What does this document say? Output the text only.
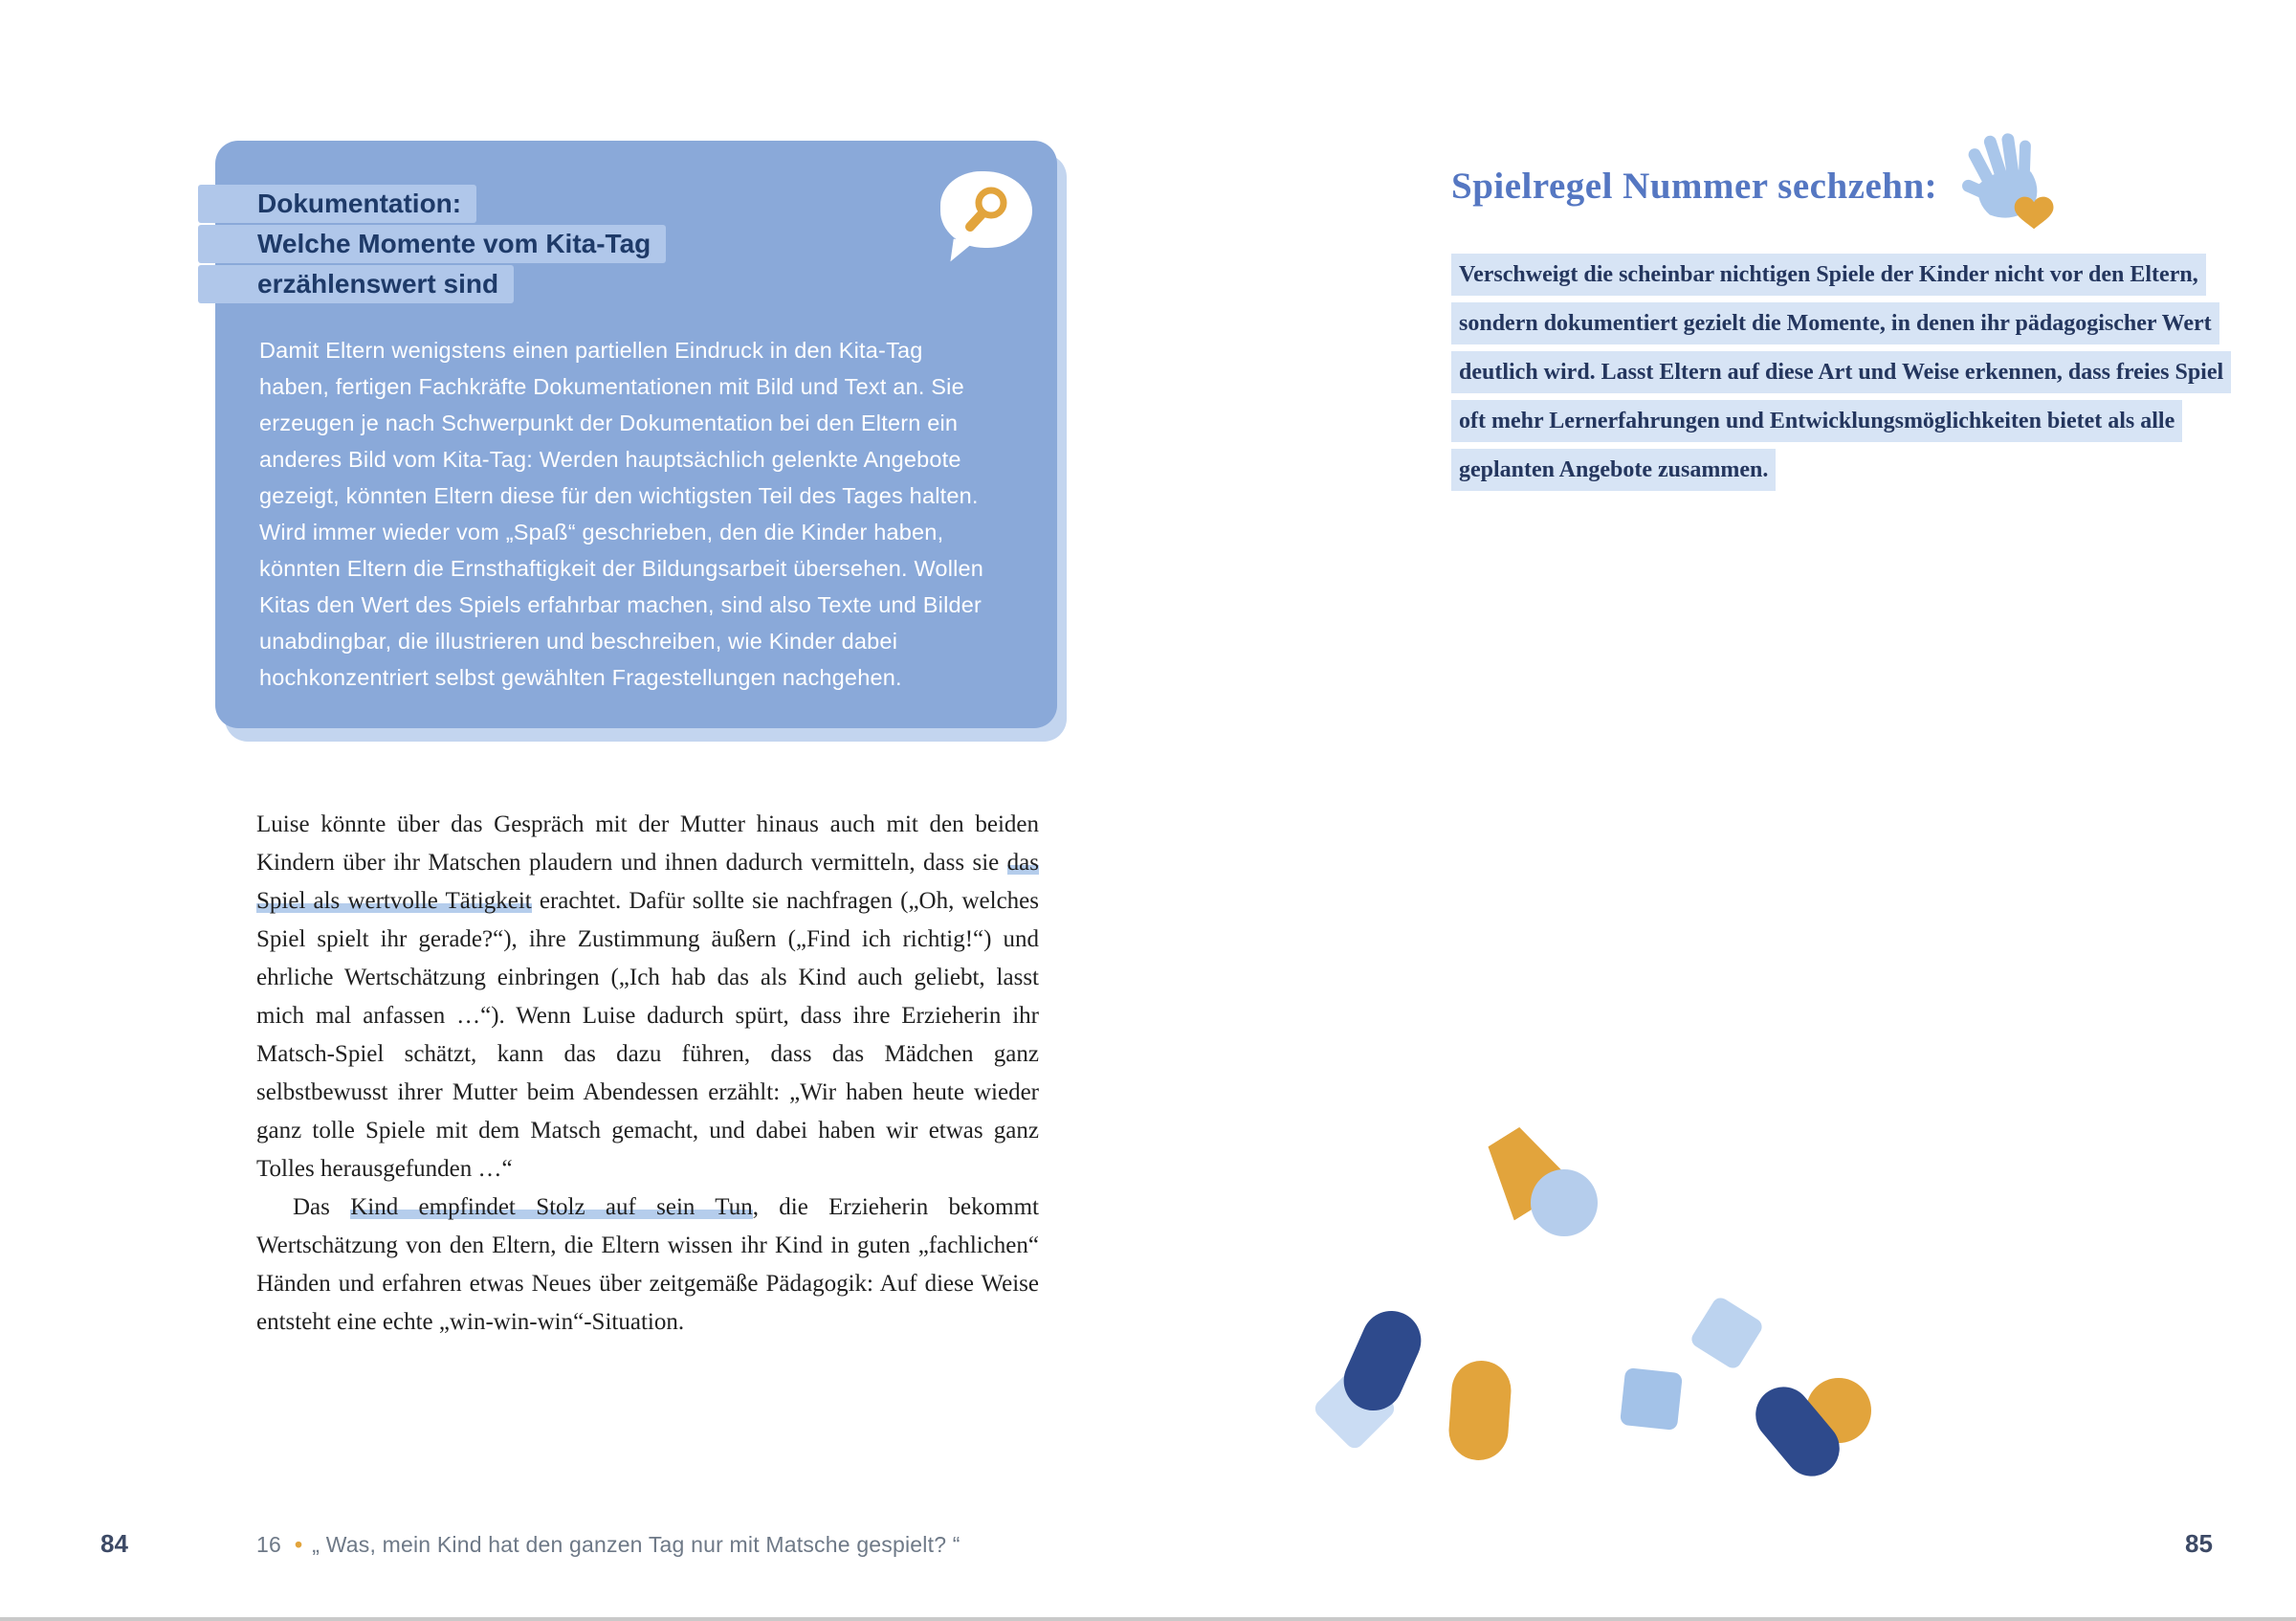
Dokumentation:
Welche Momente vom Kita-Tag
erzählenswert sind

Damit Eltern wenigstens einen partiellen Eindruck in den Kita-Tag haben, fertigen Fachkräfte Dokumentationen mit Bild und Text an. Sie erzeugen je nach Schwerpunkt der Dokumentation bei den Eltern ein anderes Bild vom Kita-Tag: Werden hauptsächlich gelenkte Angebote gezeigt, könnten Eltern diese für den wichtigsten Teil des Tages halten. Wird immer wieder vom „Spaß“ geschrieben, den die Kinder haben, könnten Eltern die Ernsthaftigkeit der Bildungsarbeit übersehen. Wollen Kitas den Wert des Spiels erfahrbar machen, sind also Texte und Bilder unabdingbar, die illustrieren und beschreiben, wie Kinder dabei hochkonzentriert selbst gewählten Fragestellungen nachgehen.

Luise könnte über das Gespräch mit der Mutter hinaus auch mit den beiden Kindern über ihr Matschen plaudern und ihnen dadurch vermitteln, dass sie das Spiel als wertvolle Tätigkeit erachtet. Dafür sollte sie nachfragen („Oh, welches Spiel spielt ihr gerade?“), ihre Zustimmung äußern („Find ich richtig!“) und ehrliche Wertschätzung einbringen („Ich hab das als Kind auch geliebt, lasst mich mal anfassen …“). Wenn Luise dadurch spürt, dass ihre Erzieherin ihr Matsch-Spiel schätzt, kann das dazu führen, dass das Mädchen ganz selbstbewusst ihrer Mutter beim Abendessen erzählt: „Wir haben heute wieder ganz tolle Spiele mit dem Matsch gemacht, und dabei haben wir etwas ganz Tolles herausgefunden …“

Das Kind empfindet Stolz auf sein Tun, die Erzieherin bekommt Wertschätzung von den Eltern, die Eltern wissen ihr Kind in guten „fachlichen“ Händen und erfahren etwas Neues über zeitgemäße Pädagogik: Auf diese Weise entsteht eine echte „win-win-win“-Situation.

84	16 • „ Was, mein Kind hat den ganzen Tag nur mit Matsche gespielt? “
Spielregel Nummer sechzehn:
Verschweigt die scheinbar nichtigen Spiele der Kinder nicht vor den Eltern, sondern dokumentiert gezielt die Momente, in denen ihr pädagogischer Wert deutlich wird. Lasst Eltern auf diese Art und Weise erkennen, dass freies Spiel oft mehr Lernerfahrungen und Entwicklungsmöglichkeiten bietet als alle geplanten Angebote zusammen.
85
